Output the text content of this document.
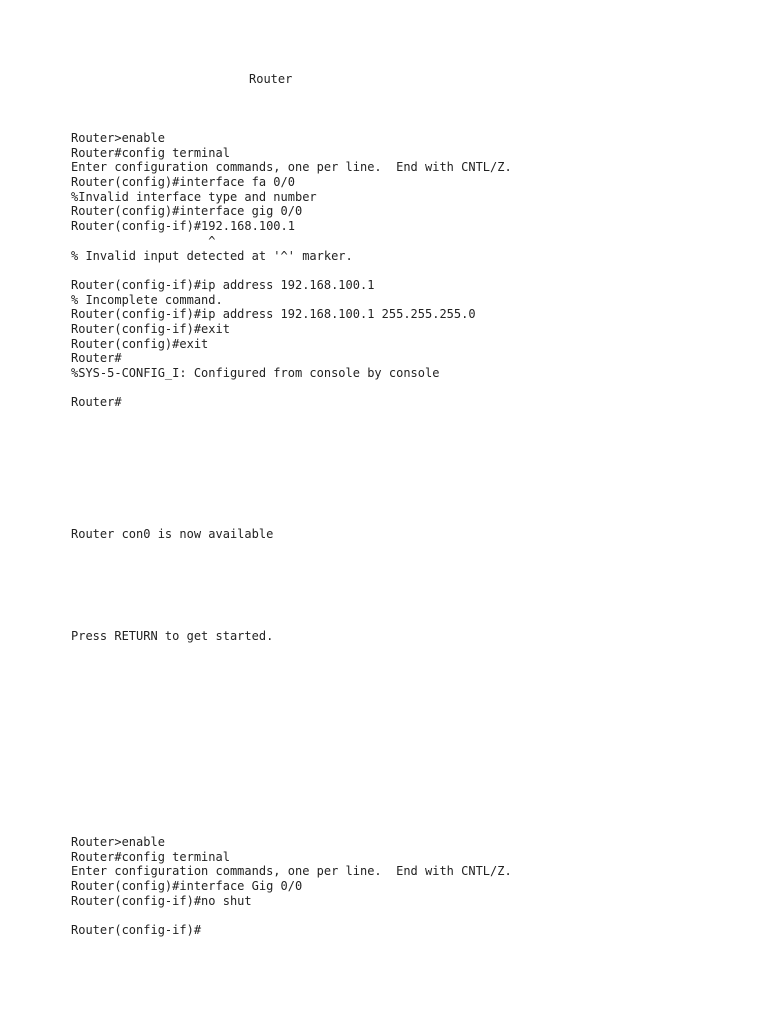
Router
Router>enable
Router#config terminal
Enter configuration commands, one per line.  End with CNTL/Z.
Router(config)#interface fa 0/0
%Invalid interface type and number
Router(config)#interface gig 0/0
Router(config-if)#192.168.100.1
^
% Invalid input detected at '^' marker.
Router(config-if)#ip address 192.168.100.1
% Incomplete command.
Router(config-if)#ip address 192.168.100.1 255.255.255.0
Router(config-if)#exit
Router(config)#exit
Router#
%SYS-5-CONFIG_I: Configured from console by console
Router#
Router con0 is now available
Press RETURN to get started.
Router>enable
Router#config terminal
Enter configuration commands, one per line.  End with CNTL/Z.
Router(config)#interface Gig 0/0
Router(config-if)#no shut
Router(config-if)#
